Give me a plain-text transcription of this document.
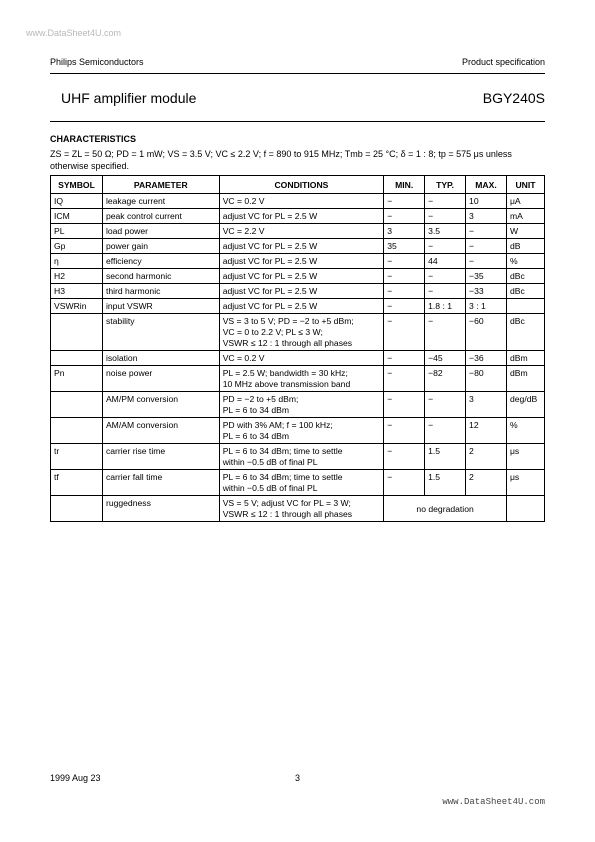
www.DataSheet4U.com
Philips Semiconductors	Product specification
UHF amplifier module	BGY240S
CHARACTERISTICS
ZS = ZL = 50 Ω; PD = 1 mW; VS = 3.5 V; VC ≤ 2.2 V; f = 890 to 915 MHz; Tmb = 25 °C; δ = 1 : 8; tp = 575 μs unless
otherwise specified.
SYMBOL	PARAMETER	CONDITIONS	MIN.	TYP.	MAX.	UNIT
IQ	leakage current	VC = 0.2 V	−	−	10	μA
ICM	peak control current	adjust VC for PL = 2.5 W	−	−	3	mA
PL	load power	VC = 2.2 V	3	3.5	−	W
Gp	power gain	adjust VC for PL = 2.5 W	35	−	−	dB
η	efficiency	adjust VC for PL = 2.5 W	−	44	−	%
H2	second harmonic	adjust VC for PL = 2.5 W	−	−	−35	dBc
H3	third harmonic	adjust VC for PL = 2.5 W	−	−	−33	dBc
VSWRin	input VSWR	adjust VC for PL = 2.5 W	−	1.8 : 1	3 : 1	
	stability	VS = 3 to 5 V; PD = −2 to +5 dBm;
VC = 0 to 2.2 V; PL ≤ 3 W;
VSWR ≤ 12 : 1 through all phases	−	−	−60	dBc
	isolation	VC = 0.2 V	−	−45	−36	dBm
Pn	noise power	PL = 2.5 W; bandwidth = 30 kHz;
10 MHz above transmission band	−	−82	−80	dBm
	AM/PM conversion	PD = −2 to +5 dBm;
PL = 6 to 34 dBm	−	−	3	deg/dB
	AM/AM conversion	PD with 3% AM; f = 100 kHz;
PL = 6 to 34 dBm	−	−	12	%
tr	carrier rise time	PL = 6 to 34 dBm; time to settle
within −0.5 dB of final PL	−	1.5	2	μs
tf	carrier fall time	PL = 6 to 34 dBm; time to settle
within −0.5 dB of final PL	−	1.5	2	μs
	ruggedness	VS = 5 V; adjust VC for PL = 3 W;
VSWR ≤ 12 : 1 through all phases	no degradation			
1999 Aug 23	3
www.DataSheet4U.com
